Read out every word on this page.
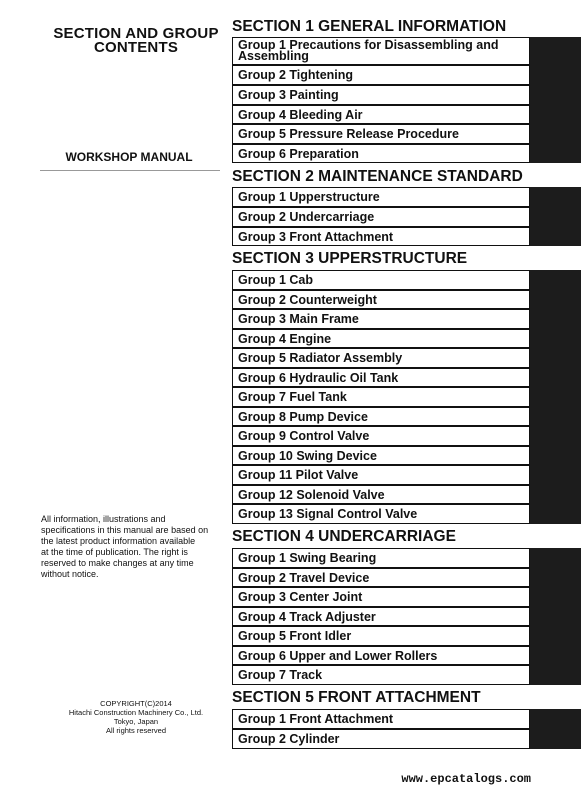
SECTION AND GROUP
CONTENTS
WORKSHOP MANUAL
All information, illustrations and
specifications in this manual are based on
the latest product information available
at the time of publication. The right is
reserved to make changes at any time
without notice.
COPYRIGHT(C)2014
Hitachi Construction Machinery Co., Ltd.
Tokyo, Japan
All rights reserved
SECTION 1 GENERAL INFORMATION
Group 1 Precautions for Disassembling and Assembling
Group 2 Tightening
Group 3 Painting
Group 4 Bleeding Air
Group 5 Pressure Release Procedure
Group 6 Preparation
SECTION 2 MAINTENANCE STANDARD
Group 1 Upperstructure
Group 2 Undercarriage
Group 3 Front Attachment
SECTION 3 UPPERSTRUCTURE
Group 1 Cab
Group 2 Counterweight
Group 3 Main Frame
Group 4 Engine
Group 5 Radiator Assembly
Group 6 Hydraulic Oil Tank
Group 7 Fuel Tank
Group 8 Pump Device
Group 9 Control Valve
Group 10 Swing Device
Group 11 Pilot Valve
Group 12 Solenoid Valve
Group 13 Signal Control Valve
SECTION 4 UNDERCARRIAGE
Group 1 Swing Bearing
Group 2 Travel Device
Group 3 Center Joint
Group 4 Track Adjuster
Group 5 Front Idler
Group 6 Upper and Lower Rollers
Group 7 Track
SECTION 5 FRONT ATTACHMENT
Group 1 Front Attachment
Group 2 Cylinder
www.epcatalogs.com
